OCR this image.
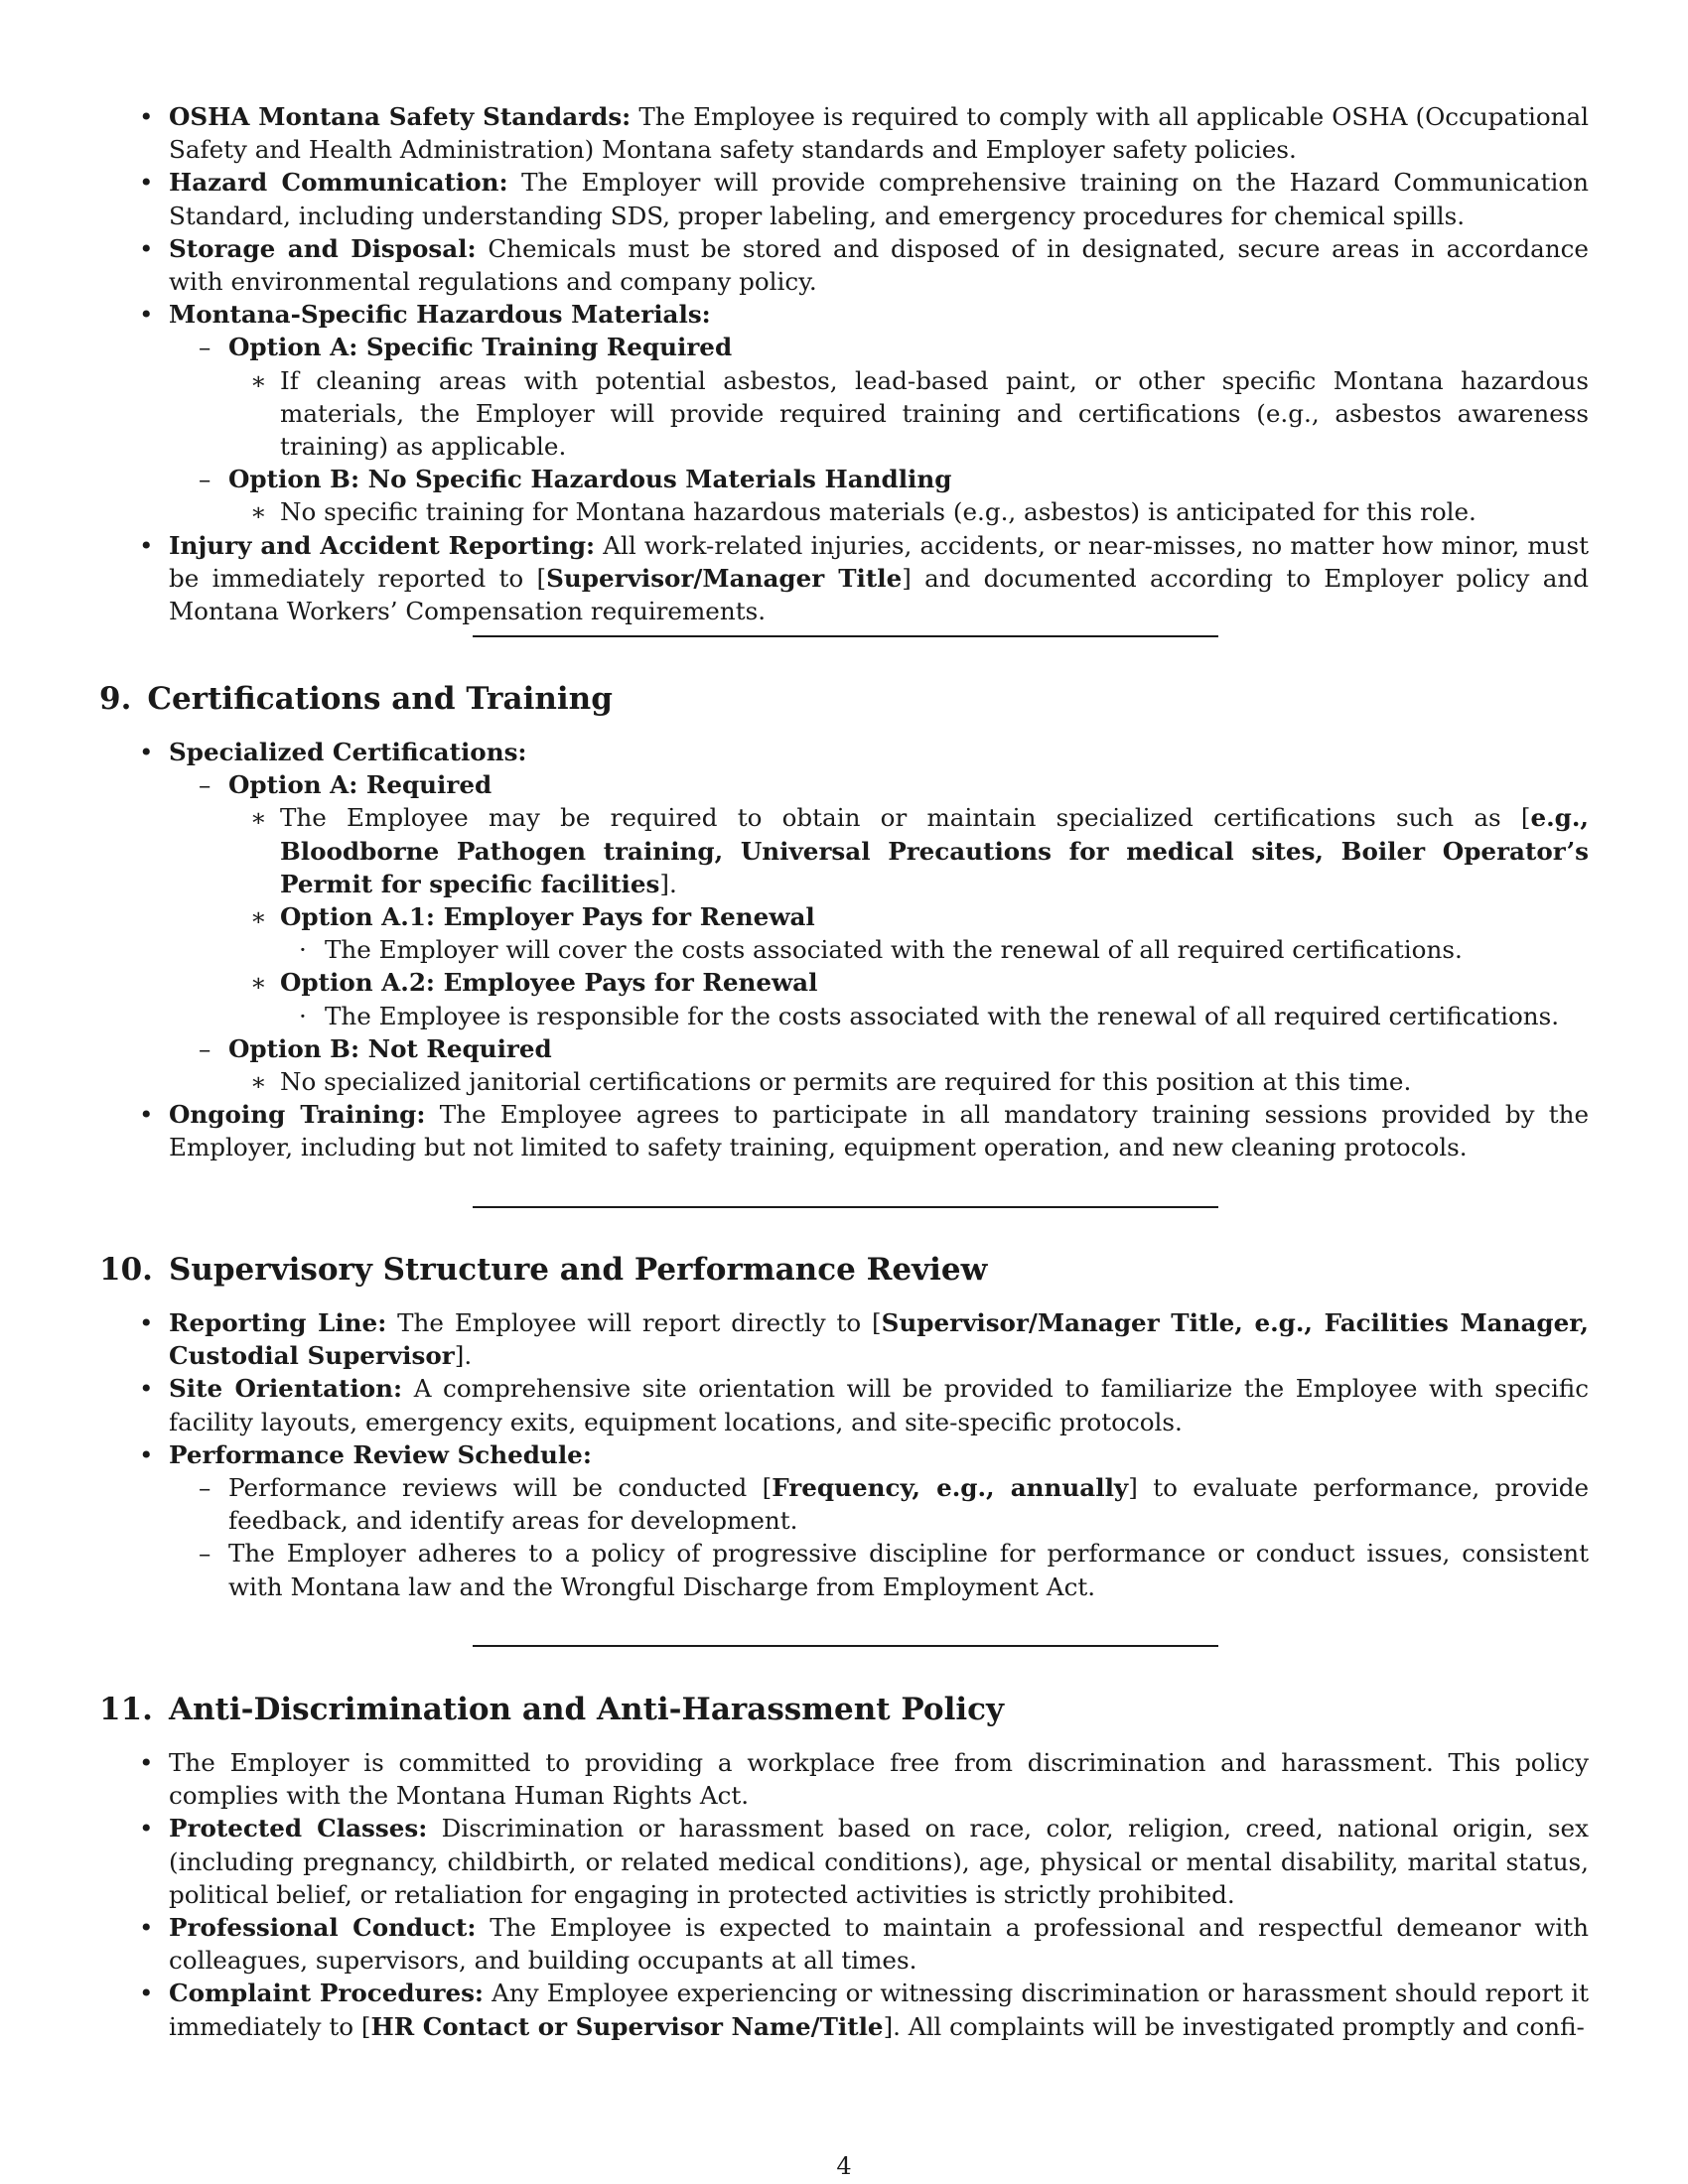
• OSHA Montana Safety Standards: The Employee is required to comply with all applicable OSHA (Occupational Safety and Health Administration) Montana safety standards and Employer safety policies.
• Hazard Communication: The Employer will provide comprehensive training on the Hazard Communication Standard, including understanding SDS, proper labeling, and emergency procedures for chemical spills.
• Storage and Disposal: Chemicals must be stored and disposed of in designated, secure areas in accordance with environmental regulations and company policy.
• Montana-Specific Hazardous Materials:
– Option A: Specific Training Required
∗ If cleaning areas with potential asbestos, lead-based paint, or other specific Montana hazardous materials, the Employer will provide required training and certifications (e.g., asbestos awareness training) as applicable.
– Option B: No Specific Hazardous Materials Handling
∗ No specific training for Montana hazardous materials (e.g., asbestos) is anticipated for this role.
• Injury and Accident Reporting: All work-related injuries, accidents, or near-misses, no matter how minor, must be immediately reported to [Supervisor/Manager Title] and documented according to Employer policy and Montana Workers’ Compensation requirements.
9. Certifications and Training
• Specialized Certifications:
– Option A: Required
∗ The Employee may be required to obtain or maintain specialized certifications such as [e.g., Bloodborne Pathogen training, Universal Precautions for medical sites, Boiler Operator’s Permit for specific facilities].
∗ Option A.1: Employer Pays for Renewal
· The Employer will cover the costs associated with the renewal of all required certifications.
∗ Option A.2: Employee Pays for Renewal
· The Employee is responsible for the costs associated with the renewal of all required certifications.
– Option B: Not Required
∗ No specialized janitorial certifications or permits are required for this position at this time.
• Ongoing Training: The Employee agrees to participate in all mandatory training sessions provided by the Employer, including but not limited to safety training, equipment operation, and new cleaning protocols.
10. Supervisory Structure and Performance Review
• Reporting Line: The Employee will report directly to [Supervisor/Manager Title, e.g., Facilities Manager, Custodial Supervisor].
• Site Orientation: A comprehensive site orientation will be provided to familiarize the Employee with specific facility layouts, emergency exits, equipment locations, and site-specific protocols.
• Performance Review Schedule:
– Performance reviews will be conducted [Frequency, e.g., annually] to evaluate performance, provide feedback, and identify areas for development.
– The Employer adheres to a policy of progressive discipline for performance or conduct issues, consistent with Montana law and the Wrongful Discharge from Employment Act.
11. Anti-Discrimination and Anti-Harassment Policy
• The Employer is committed to providing a workplace free from discrimination and harassment. This policy complies with the Montana Human Rights Act.
• Protected Classes: Discrimination or harassment based on race, color, religion, creed, national origin, sex (including pregnancy, childbirth, or related medical conditions), age, physical or mental disability, marital status, political belief, or retaliation for engaging in protected activities is strictly prohibited.
• Professional Conduct: The Employee is expected to maintain a professional and respectful demeanor with colleagues, supervisors, and building occupants at all times.
• Complaint Procedures: Any Employee experiencing or witnessing discrimination or harassment should report it immediately to [HR Contact or Supervisor Name/Title]. All complaints will be investigated promptly and confi-
4
